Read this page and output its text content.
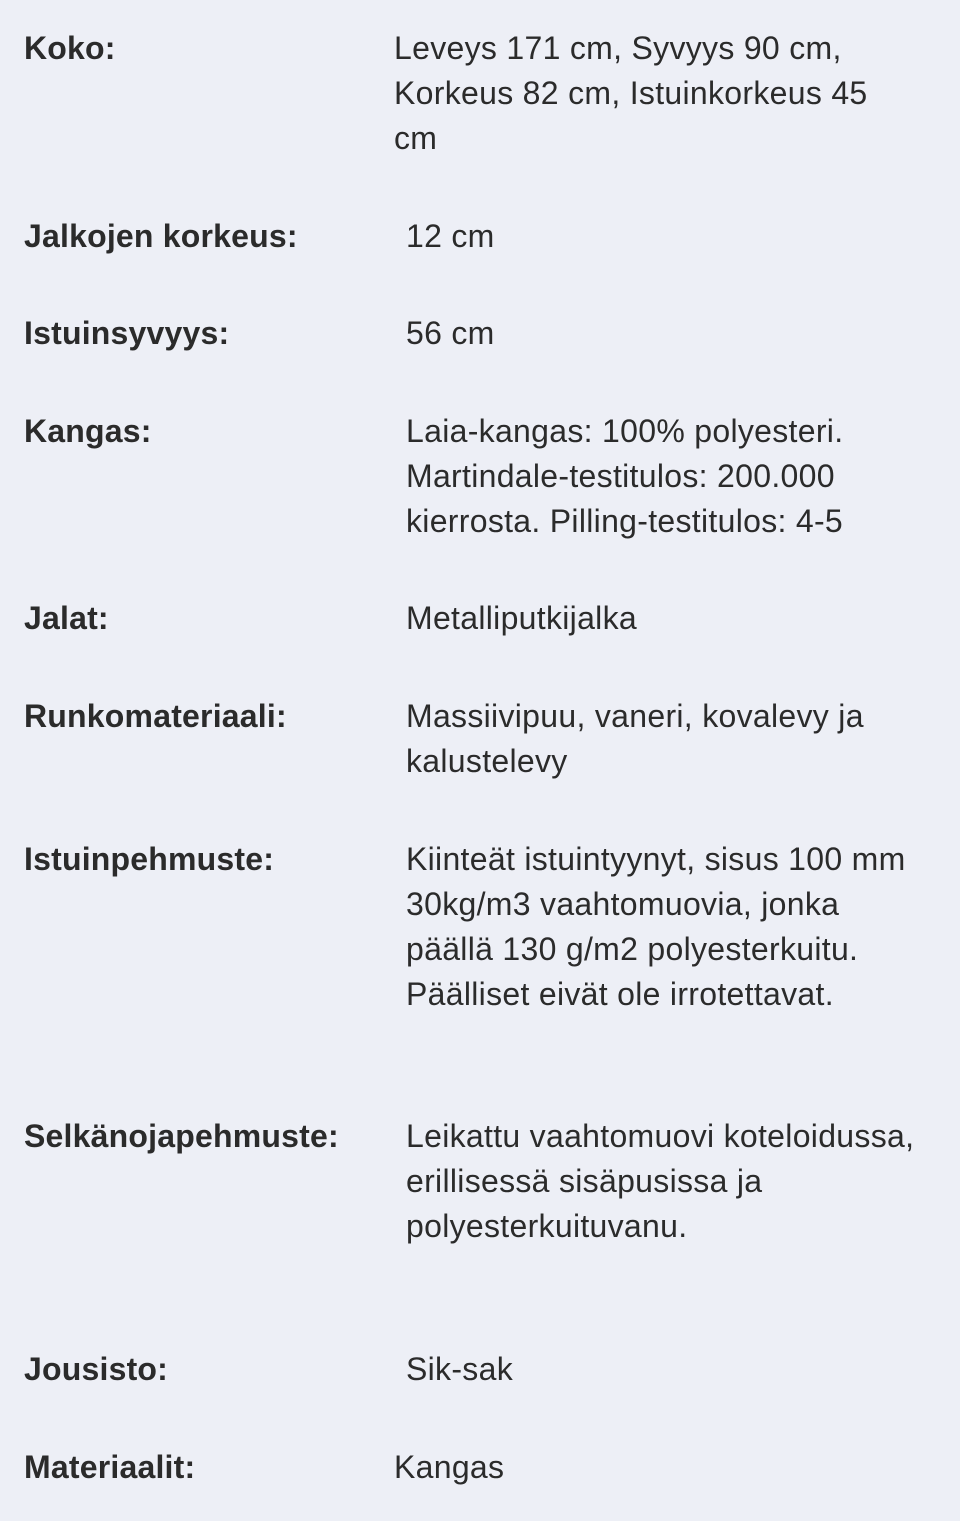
Koko:	Leveys 171 cm, Syvyys 90 cm, Korkeus 82 cm, Istuinkorkeus 45 cm
Jalkojen korkeus:	12 cm
Istuinsyvyys:	56 cm
Kangas:	Laia-kangas: 100% polyesteri. Martindale-testitulos: 200.000 kierrosta. Pilling-testitulos: 4-5
Jalat:	Metalliputkijalka
Runkomateriaali:	Massiivipuu, vaneri, kovalevy ja kalustelevy
Istuinpehmuste:	Kiinteät istuintyynyt, sisus 100 mm 30kg/m3 vaahtomuovia, jonka päällä 130 g/m2 polyesterkuitu. Päälliset eivät ole irrotettavat.
Selkänojapehmuste: Leikattu vaahtomuovi koteloidussa, erillisessä sisäpusissa ja polyesterkuituvanu.
Jousisto:	Sik-sak
Materiaalit:	Kangas
